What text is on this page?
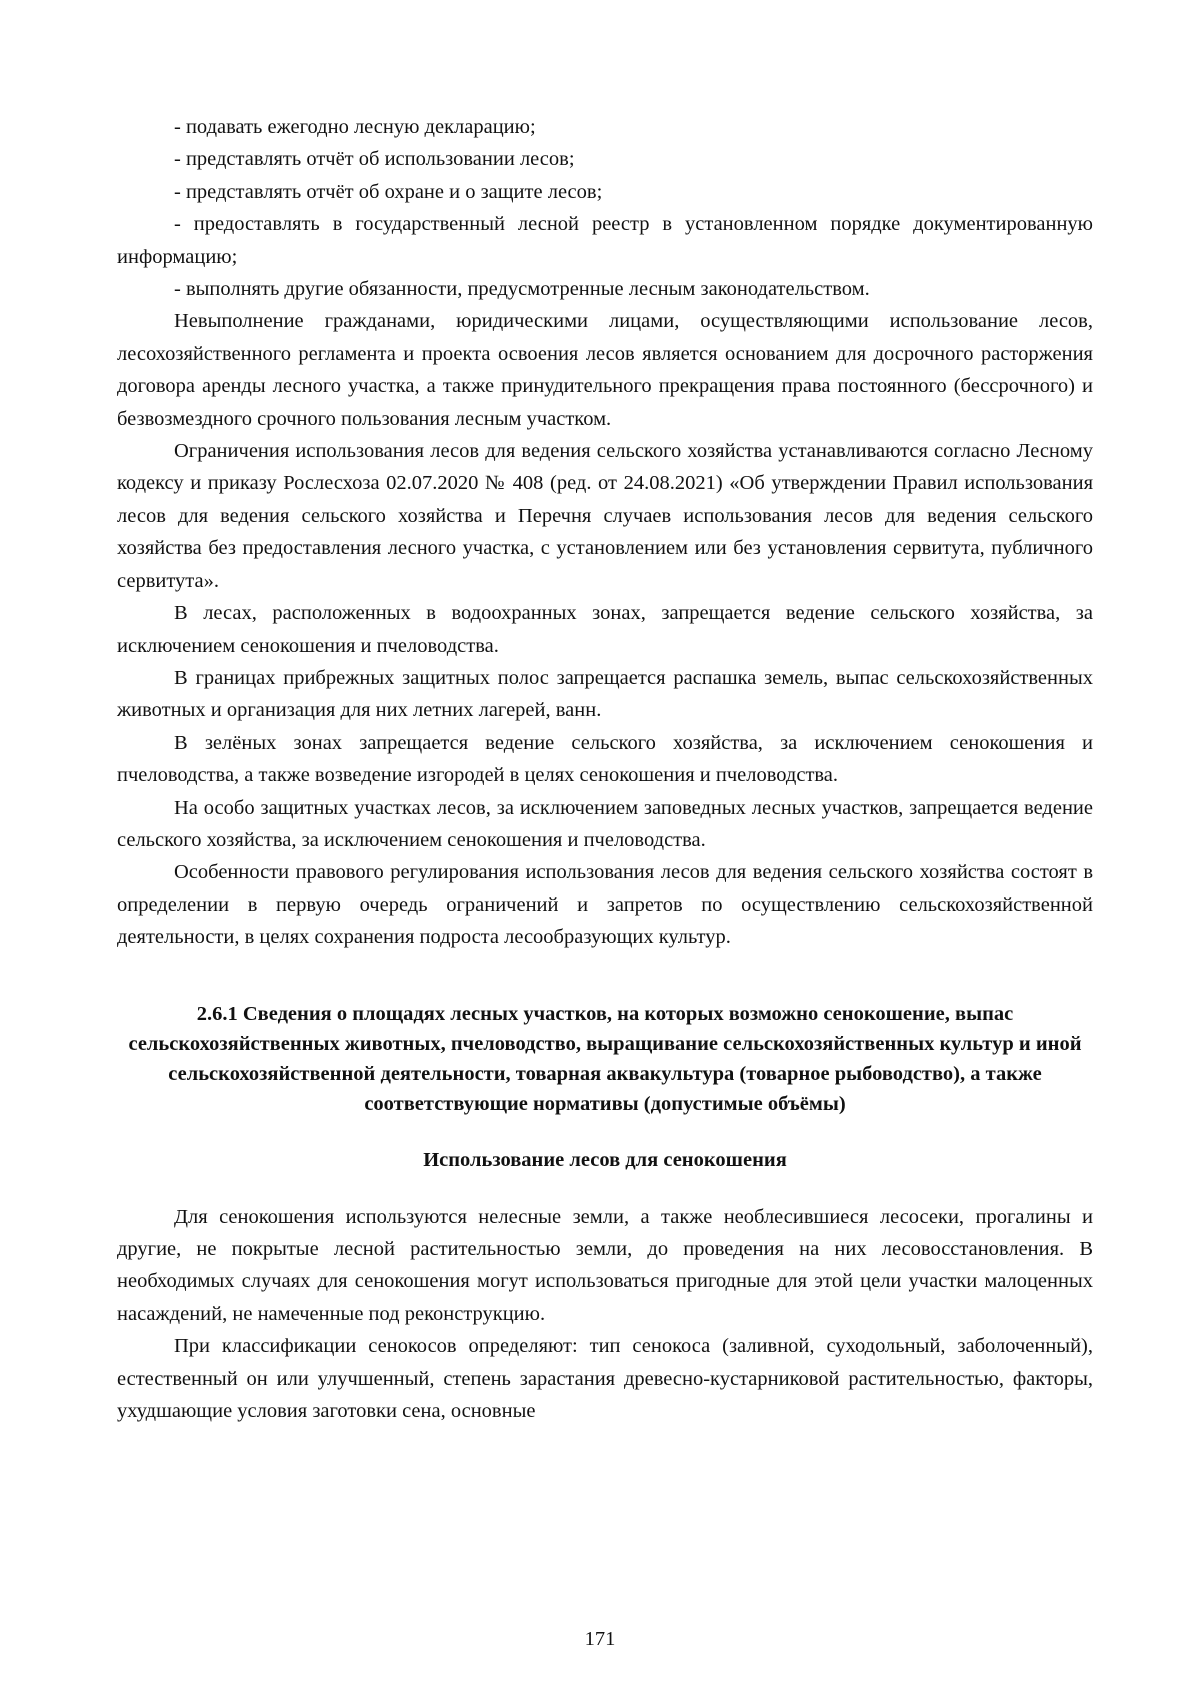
- подавать ежегодно лесную декларацию;

- представлять отчёт об использовании лесов;

- представлять отчёт об охране и о защите лесов;

- предоставлять в государственный лесной реестр в установленном порядке документированную информацию;

- выполнять другие обязанности, предусмотренные лесным законодательством.

Невыполнение гражданами, юридическими лицами, осуществляющими использование лесов, лесохозяйственного регламента и проекта освоения лесов является основанием для досрочного расторжения договора аренды лесного участка, а также принудительного прекращения права постоянного (бессрочного) и безвозмездного срочного пользования лесным участком.

Ограничения использования лесов для ведения сельского хозяйства устанавливаются согласно Лесному кодексу и приказу Рослесхоза 02.07.2020 № 408 (ред. от 24.08.2021) «Об утверждении Правил использования лесов для ведения сельского хозяйства и Перечня случаев использования лесов для ведения сельского хозяйства без предоставления лесного участка, с установлением или без установления сервитута, публичного сервитута».

В лесах, расположенных в водоохранных зонах, запрещается ведение сельского хозяйства, за исключением сенокошения и пчеловодства.

В границах прибрежных защитных полос запрещается распашка земель, выпас сельскохозяйственных животных и организация для них летних лагерей, ванн.

В зелёных зонах запрещается ведение сельского хозяйства, за исключением сенокошения и пчеловодства, а также возведение изгородей в целях сенокошения и пчеловодства.

На особо защитных участках лесов, за исключением заповедных лесных участков, запрещается ведение сельского хозяйства, за исключением сенокошения и пчеловодства.

Особенности правового регулирования использования лесов для ведения сельского хозяйства состоят в определении в первую очередь ограничений и запретов по осуществлению сельскохозяйственной деятельности, в целях сохранения подроста лесообразующих культур.

2.6.1 Сведения о площадях лесных участков, на которых возможно сенокошение, выпас сельскохозяйственных животных, пчеловодство, выращивание сельскохозяйственных культур и иной сельскохозяйственной деятельности, товарная аквакультура (товарное рыбоводство), а также соответствующие нормативы (допустимые объёмы)
Использование лесов для сенокошения

Для сенокошения используются нелесные земли, а также необлесившиеся лесосеки, прогалины и другие, не покрытые лесной растительностью земли, до проведения на них лесовосстановления. В необходимых случаях для сенокошения могут использоваться пригодные для этой цели участки малоценных насаждений, не намеченные под реконструкцию.

При классификации сенокосов определяют: тип сенокоса (заливной, суходольный, заболоченный), естественный он или улучшенный, степень зарастания древесно-кустарниковой растительностью, факторы, ухудшающие условия заготовки сена, основные

171
